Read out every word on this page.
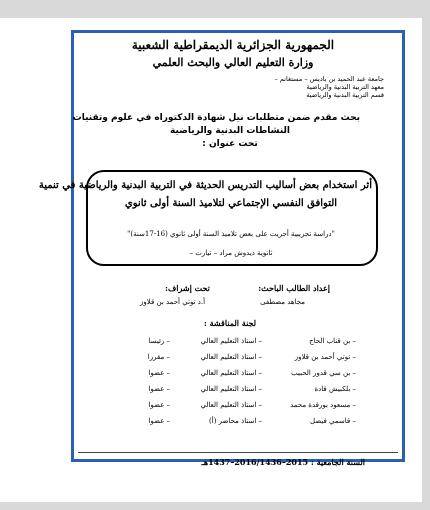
الجمهورية الجزائرية الديمقراطية الشعبية
وزارة التعليم العالي والبحث العلمي
جامعة عبد الحميد بن باديس – مستغانم –
معهد التربية البدنية والرياضية
قسم التربية البدنية والرياضية
بحث مقدم ضمن متطلبات نيل شهادة الدكتوراه في علوم وتقنيات
النشاطات البدنية والرياضية
تحت عنوان :
أثر استخدام بعض أساليب التدريس الحديثة في التربية البدنية والرياضية في تنمية
التوافق النفسي الإجتماعي لتلاميذ السنة أولى ثانوي
"دراسة تجريبية أجريت على بعض تلاميذ السنة أولى ثانوي (16-17سنة)"
ثانوية ديدوش مراد – تيارت –
إعداد الطالب الباحث:
تحت إشراف:
مجاهد مصطفى
أ.د توتي أحمد بن قلاوز
لجنة المناقشة :
– بن قناب الحاج
– استاذ التعليم العالي
– رئيسا
– توتي أحمد بن قلاوز
– استاذ التعليم العالي
– مقررا
– بن سي قدور الحبيب
– استاذ التعليم العالي
– عضوا
– بلكبيش قادة
– استاذ التعليم العالي
– عضوا
– مسعود بورقدة محمد
– استاذ التعليم العالي
– عضوا
– قاسمي فيصل
– استاذ محاضر (أ)
– عضوا
السنة الجامعية : 2015–2016/1436–1437هـ
